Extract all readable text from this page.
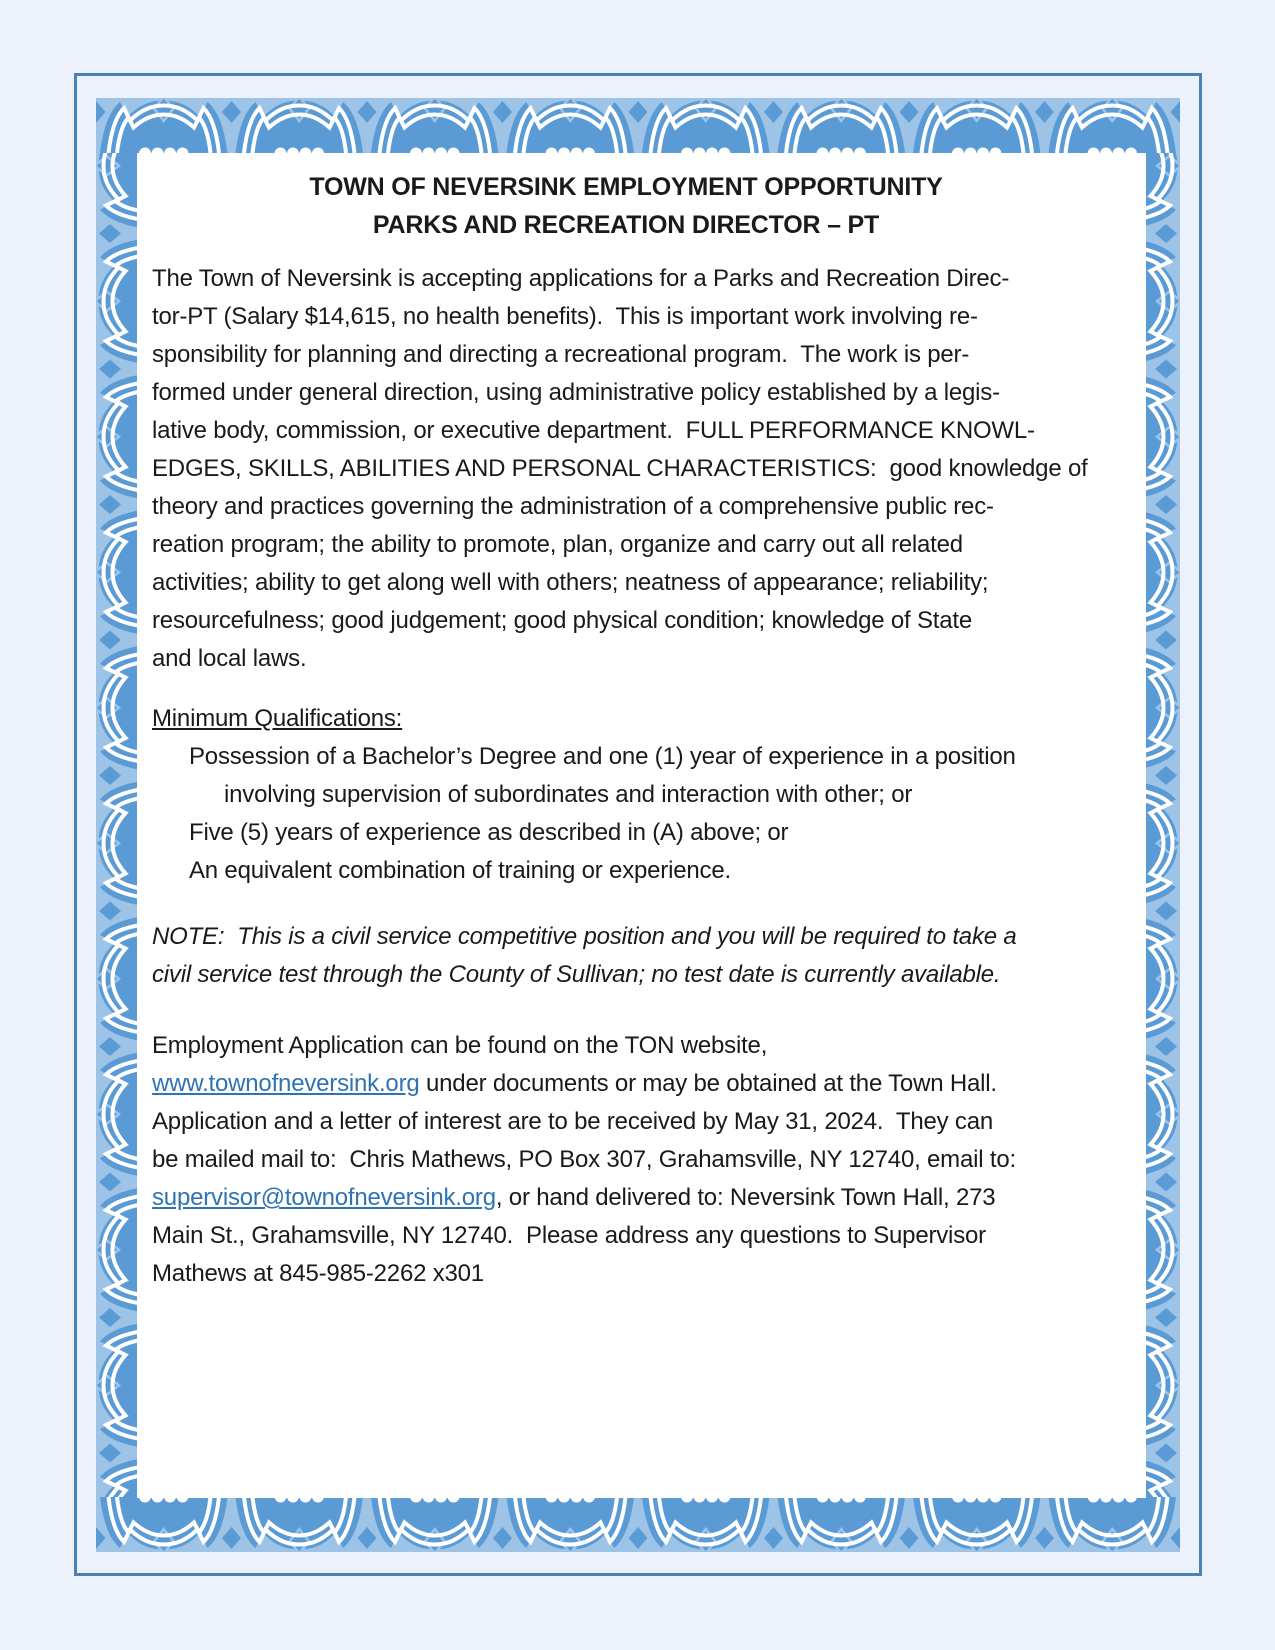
TOWN OF NEVERSINK EMPLOYMENT OPPORTUNITY
PARKS AND RECREATION DIRECTOR – PT
The Town of Neversink is accepting applications for a Parks and Recreation Direc-
tor-PT (Salary $14,615, no health benefits).  This is important work involving re-
sponsibility for planning and directing a recreational program.  The work is per-
formed under general direction, using administrative policy established by a legis-
lative body, commission, or executive department.  FULL PERFORMANCE KNOWL-
EDGES, SKILLS, ABILITIES AND PERSONAL CHARACTERISTICS:  good knowledge of
theory and practices governing the administration of a comprehensive public rec-
reation program; the ability to promote, plan, organize and carry out all related
activities; ability to get along well with others; neatness of appearance; reliability;
resourcefulness; good judgement; good physical condition; knowledge of State
and local laws.
Minimum Qualifications:
Possession of a Bachelor’s Degree and one (1) year of experience in a position
involving supervision of subordinates and interaction with other; or
Five (5) years of experience as described in (A) above; or
An equivalent combination of training or experience.
NOTE:  This is a civil service competitive position and you will be required to take a
civil service test through the County of Sullivan; no test date is currently available.
Employment Application can be found on the TON website,
www.townofneversink.org under documents or may be obtained at the Town Hall.
Application and a letter of interest are to be received by May 31, 2024.  They can
be mailed mail to:  Chris Mathews, PO Box 307, Grahamsville, NY 12740, email to:
supervisor@townofneversink.org, or hand delivered to: Neversink Town Hall, 273
Main St., Grahamsville, NY 12740.  Please address any questions to Supervisor
Mathews at 845-985-2262 x301
